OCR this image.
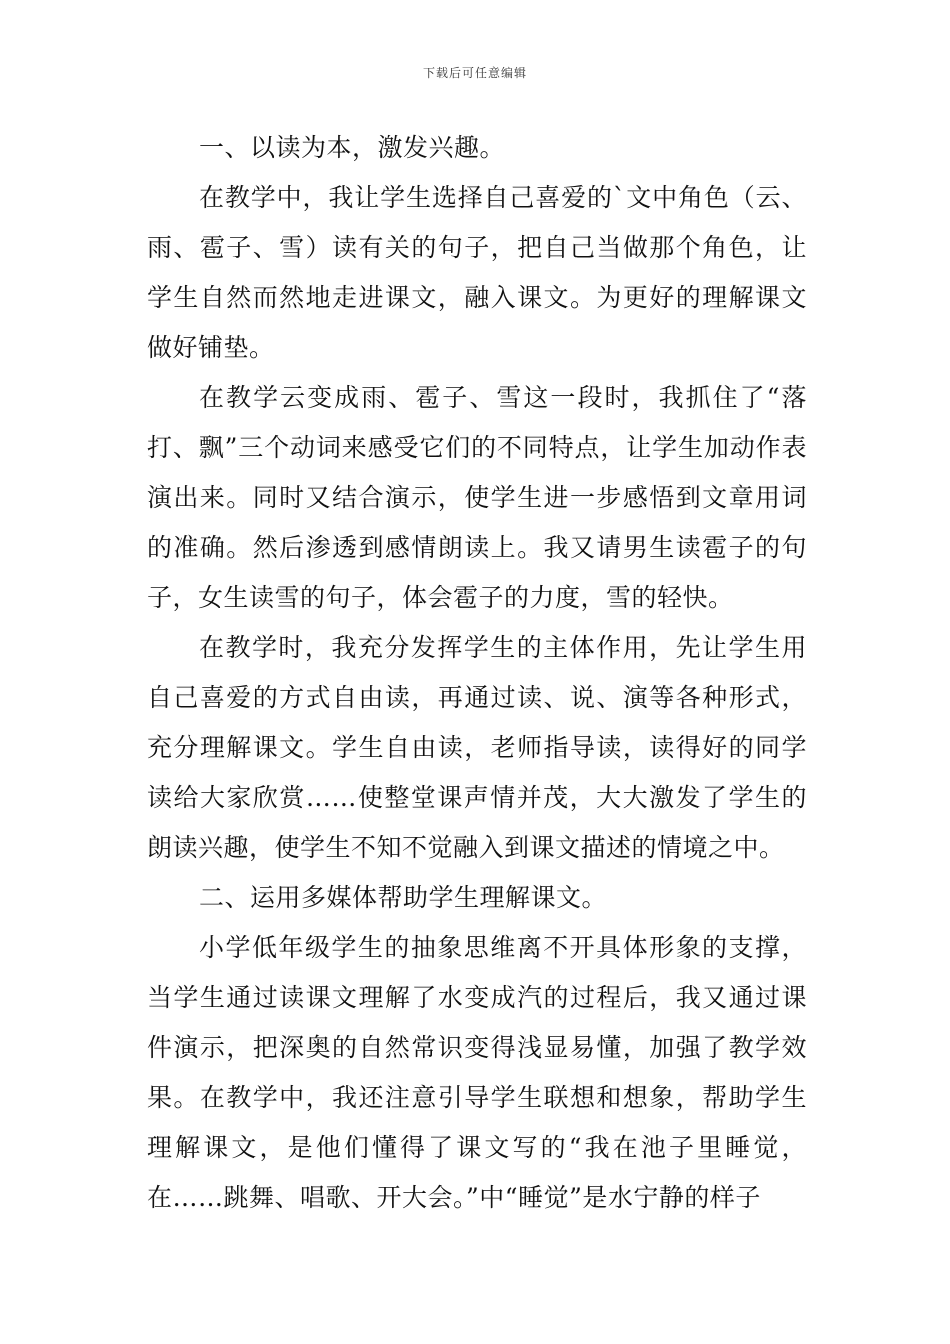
下载后可任意编辑

一、以读为本，激发兴趣。

在教学中，我让学生选择自己喜爱的`文中角色（云、雨、雹子、雪）读有关的句子，把自己当做那个角色，让学生自然而然地走进课文，融入课文。为更好的理解课文做好铺垫。

在教学云变成雨、雹子、雪这一段时，我抓住了“落打、飘”三个动词来感受它们的不同特点，让学生加动作表演出来。同时又结合演示，使学生进一步感悟到文章用词的准确。然后渗透到感情朗读上。我又请男生读雹子的句子，女生读雪的句子，体会雹子的力度，雪的轻快。

在教学时，我充分发挥学生的主体作用，先让学生用自己喜爱的方式自由读，再通过读、说、演等各种形式，充分理解课文。学生自由读，老师指导读，读得好的同学读给大家欣赏……使整堂课声情并茂，大大激发了学生的朗读兴趣，使学生不知不觉融入到课文描述的情境之中。

二、运用多媒体帮助学生理解课文。

小学低年级学生的抽象思维离不开具体形象的支撑，当学生通过读课文理解了水变成汽的过程后，我又通过课件演示，把深奥的自然常识变得浅显易懂，加强了教学效果。在教学中，我还注意引导学生联想和想象，帮助学生理解课文，是他们懂得了课文写的“我在池子里睡觉，在……跳舞、唱歌、开大会。”中“睡觉”是水宁静的样子
